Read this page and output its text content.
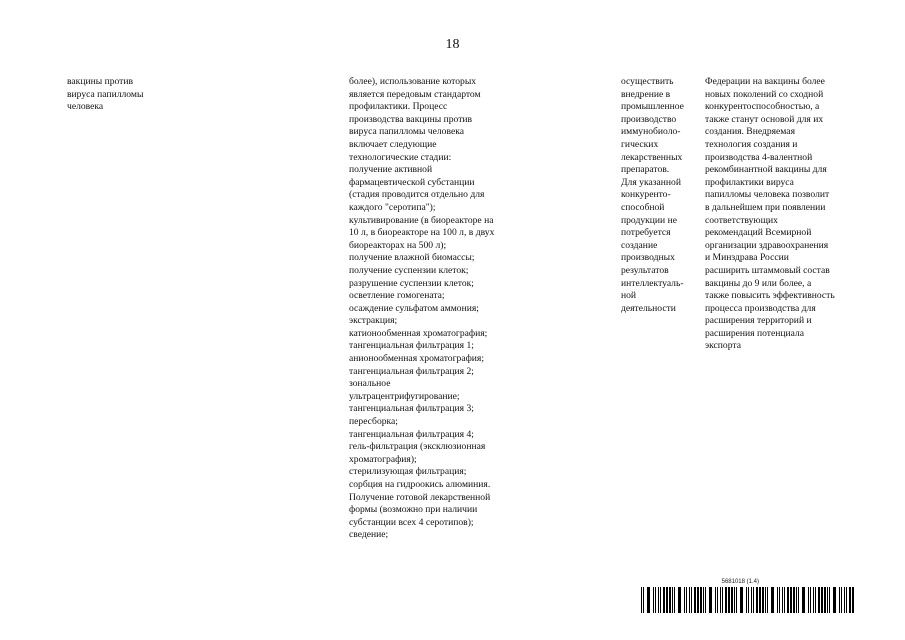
18
вакцины против
вируса папилломы
человека
более), использование которых
является передовым стандартом
профилактики. Процесс
производства вакцины против
вируса папилломы человека
включает следующие
технологические стадии:
получение активной
фармацевтической субстанции
(стадия проводится отдельно для
каждого "серотипа");
культивирование (в биореакторе на
10 л, в биореакторе на 100 л, в двух
биореакторах на 500 л);
получение влажной биомассы;
получение суспензии клеток;
разрушение суспензии клеток;
осветление гомогената;
осаждение сульфатом аммония;
экстракция;
катионообменная хроматография;
тангенциальная фильтрация 1;
анионообменная хроматография;
тангенциальная фильтрация 2;
зональное
ультрацентрифугирование;
тангенциальная фильтрация 3;
пересборка;
тангенциальная фильтрация 4;
гель-фильтрация (эксклюзионная
хроматография);
стерилизующая фильтрация;
сорбция на гидроокись алюминия.
Получение готовой лекарственной
формы (возможно при наличии
субстанции всех 4 серотипов);
сведение;
осуществить
внедрение в
промышленное
производство
иммунобиоло-
гических
лекарственных
препаратов.
Для указанной
конкуренто-
способной
продукции не
потребуется
создание
производных
результатов
интеллектуаль-
ной
деятельности
Федерации на вакцины более
новых поколений со сходной
конкурентоспособностью, а
также станут основой для их
создания. Внедряемая
технология создания и
производства 4-валентной
рекомбинантной вакцины для
профилактики вируса
папилломы человека позволит
в дальнейшем при появлении
соответствующих
рекомендаций Всемирной
организации здравоохранения
и Минздрава России
расширить штаммовый состав
вакцины до 9 или более, а
также повысить эффективность
процесса производства для
расширения территорий и
расширения потенциала
экспорта
5681018 (1.4)
